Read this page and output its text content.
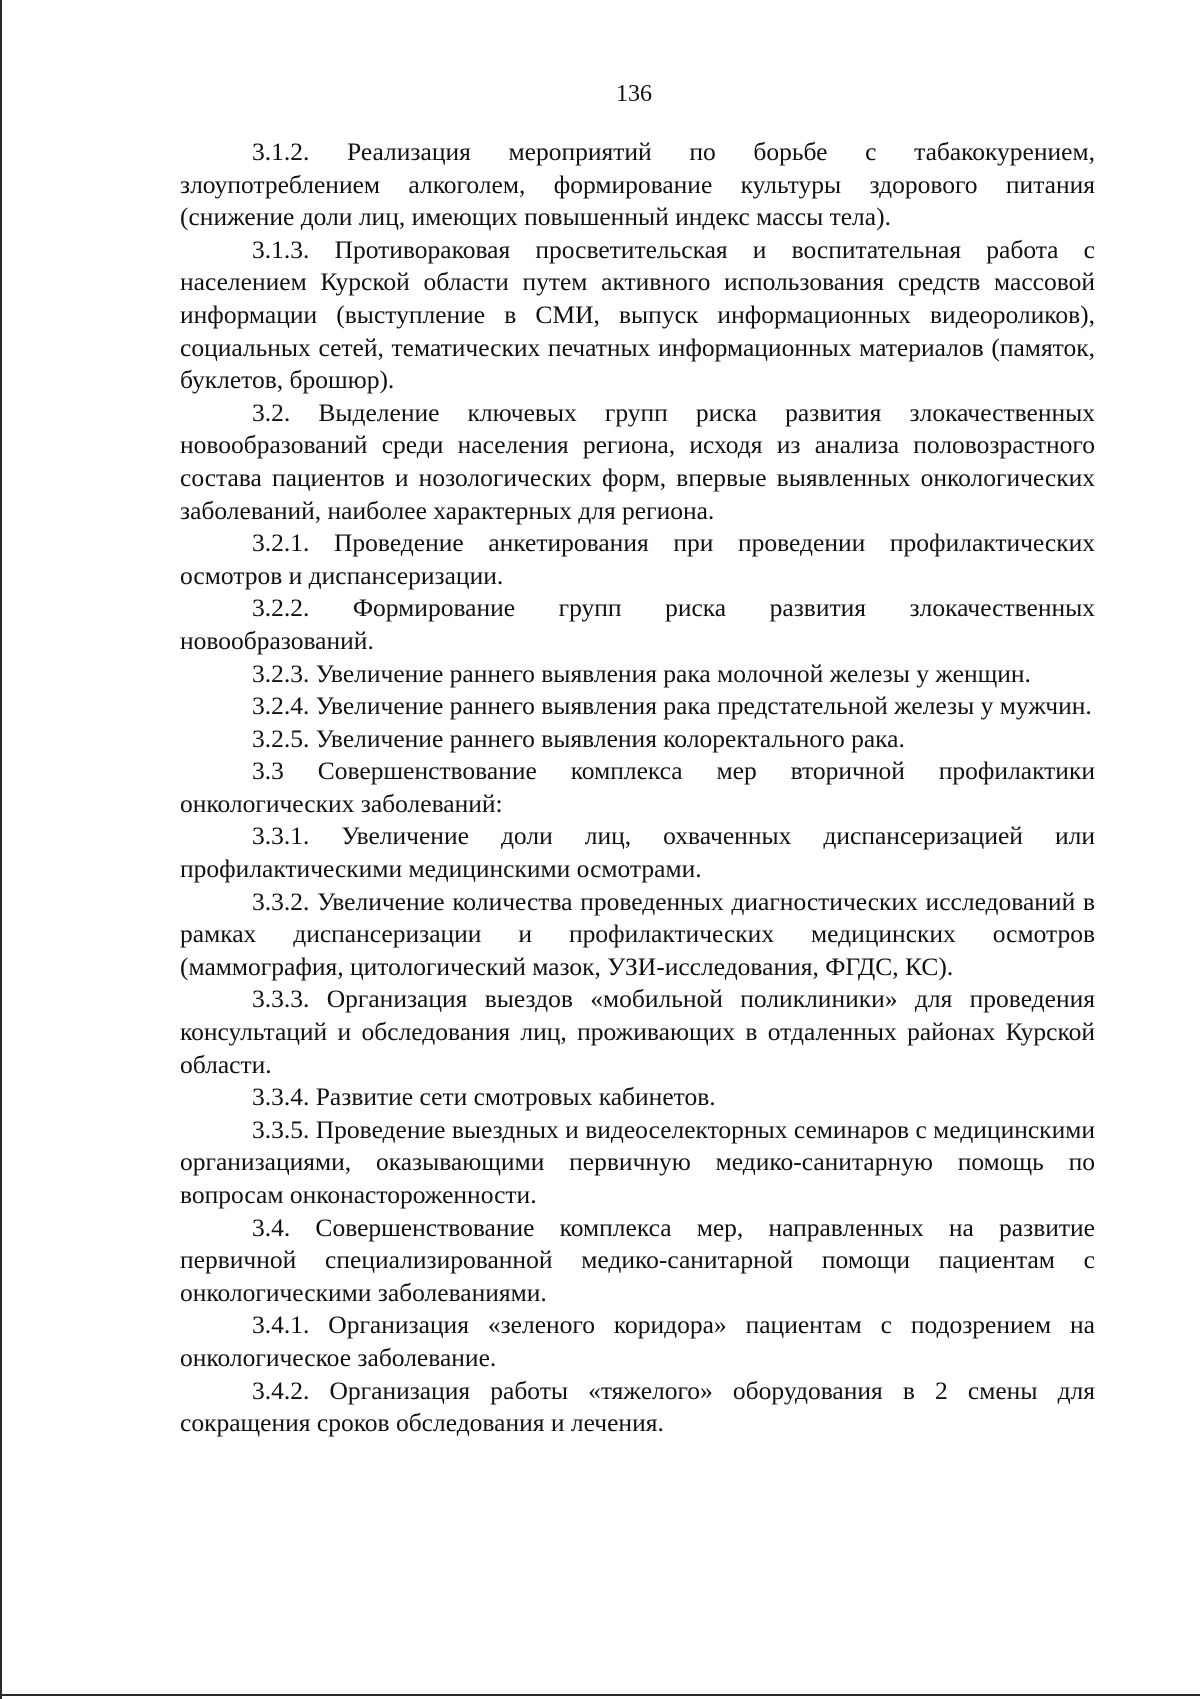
136

3.1.2. Реализация мероприятий по борьбе с табакокурением, злоупотреблением алкоголем, формирование культуры здорового питания (снижение доли лиц, имеющих повышенный индекс массы тела).

3.1.3. Противораковая просветительская и воспитательная работа с населением Курской области путем активного использования средств массовой информации (выступление в СМИ, выпуск информационных видеороликов), социальных сетей, тематических печатных информационных материалов (памяток, буклетов, брошюр).

3.2. Выделение ключевых групп риска развития злокачественных новообразований среди населения региона, исходя из анализа половозрастного состава пациентов и нозологических форм, впервые выявленных онкологических заболеваний, наиболее характерных для региона.

3.2.1. Проведение анкетирования при проведении профилактических осмотров и диспансеризации.

3.2.2. Формирование групп риска развития злокачественных новообразований.

3.2.3. Увеличение раннего выявления рака молочной железы у женщин.

3.2.4. Увеличение раннего выявления рака предстательной железы у мужчин.

3.2.5. Увеличение раннего выявления колоректального рака.

3.3 Совершенствование комплекса мер вторичной профилактики онкологических заболеваний:

3.3.1. Увеличение доли лиц, охваченных диспансеризацией или профилактическими медицинскими осмотрами.

3.3.2. Увеличение количества проведенных диагностических исследований в рамках диспансеризации и профилактических медицинских осмотров (маммография, цитологический мазок, УЗИ-исследования, ФГДС, КС).

3.3.3. Организация выездов «мобильной поликлиники» для проведения консультаций и обследования лиц, проживающих в отдаленных районах Курской области.

3.3.4. Развитие сети смотровых кабинетов.

3.3.5. Проведение выездных и видеоселекторных семинаров с медицинскими организациями, оказывающими первичную медико-санитарную помощь по вопросам онконастороженности.

3.4. Совершенствование комплекса мер, направленных на развитие первичной специализированной медико-санитарной помощи пациентам с онкологическими заболеваниями.

3.4.1. Организация «зеленого коридора» пациентам с подозрением на онкологическое заболевание.

3.4.2. Организация работы «тяжелого» оборудования в 2 смены для сокращения сроков обследования и лечения.
